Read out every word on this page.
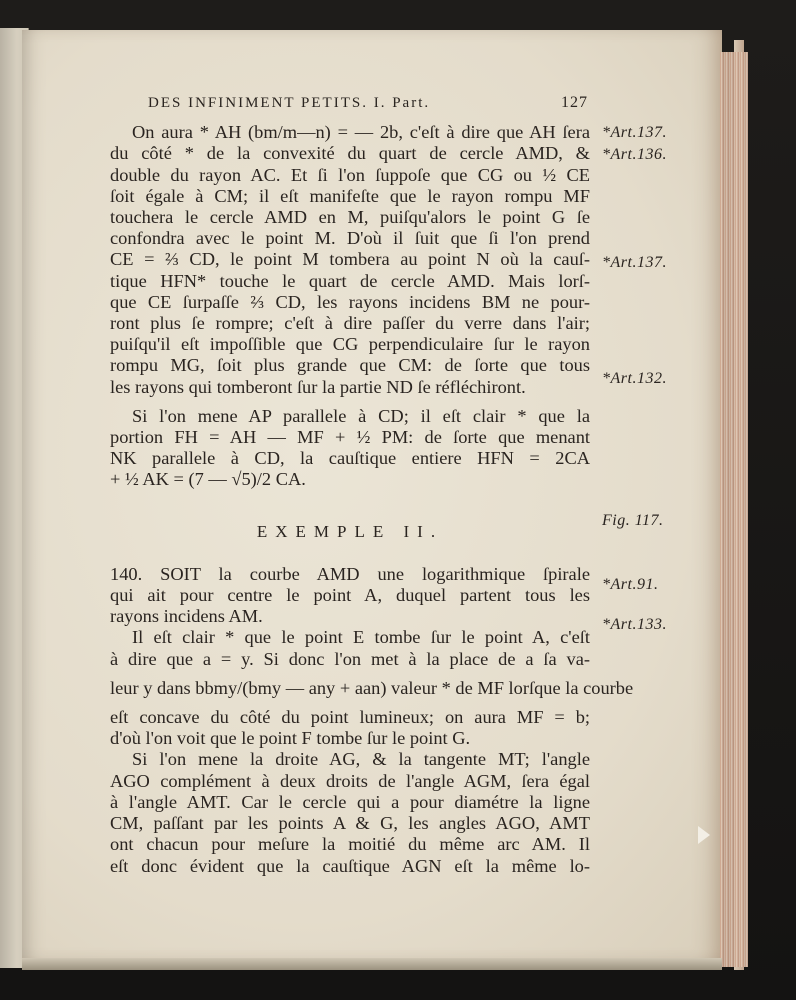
DES INFINIMENT PETITS. I. Part.	127
On aura * AH (bm/m—n) = — 2b, c'eſt à dire que AH ſera
du côté * de la convexité du quart de cercle AMD, &
double du rayon AC. Et ſi l'on ſuppoſe que CG ou ½ CE
ſoit égale à CM; il eſt manifeſte que le rayon rompu MF
touchera le cercle AMD en M, puiſqu'alors le point G ſe
confondra avec le point M. D'où il ſuit que ſi l'on prend
CE = ⅔ CD, le point M tombera au point N où la cauſ-
tique HFN* touche le quart de cercle AMD. Mais lorſ-
que CE ſurpaſſe ⅔ CD, les rayons incidens BM ne pour-
ront plus ſe rompre; c'eſt à dire paſſer du verre dans l'air;
puiſqu'il eſt impoſſible que CG perpendiculaire ſur le rayon
rompu MG, ſoit plus grande que CM: de ſorte que tous
les rayons qui tomberont ſur la partie ND ſe réfléchiront.
Si l'on mene AP parallele à CD; il eſt clair * que la
portion FH = AH — MF + ½ PM: de ſorte que menant
NK parallele à CD, la cauſtique entiere HFN = 2CA
+ ½ AK = (7 — √5)/2 CA.
EXEMPLE II.
140. SOIT la courbe AMD une logarithmique ſpirale
qui ait pour centre le point A, duquel partent tous les
rayons incidens AM.
Il eſt clair * que le point E tombe ſur le point A, c'eſt
à dire que a = y. Si donc l'on met à la place de a ſa va-
leur y dans bbmy/(bmy — any + aan) valeur * de MF lorſque la courbe
eſt concave du côté du point lumineux; on aura MF = b;
d'où l'on voit que le point F tombe ſur le point G.
Si l'on mene la droite AG, & la tangente MT; l'angle
AGO complément à deux droits de l'angle AGM, ſera égal
à l'angle AMT. Car le cercle qui a pour diamétre la ligne
CM, paſſant par les points A & G, les angles AGO, AMT
ont chacun pour meſure la moitié du même arc AM. Il
eſt donc évident que la cauſtique AGN eſt la même lo-
*Art.137.
*Art.136.
*Art.137.
*Art.132.
Fig. 117.
*Art.91.
*Art.133.
